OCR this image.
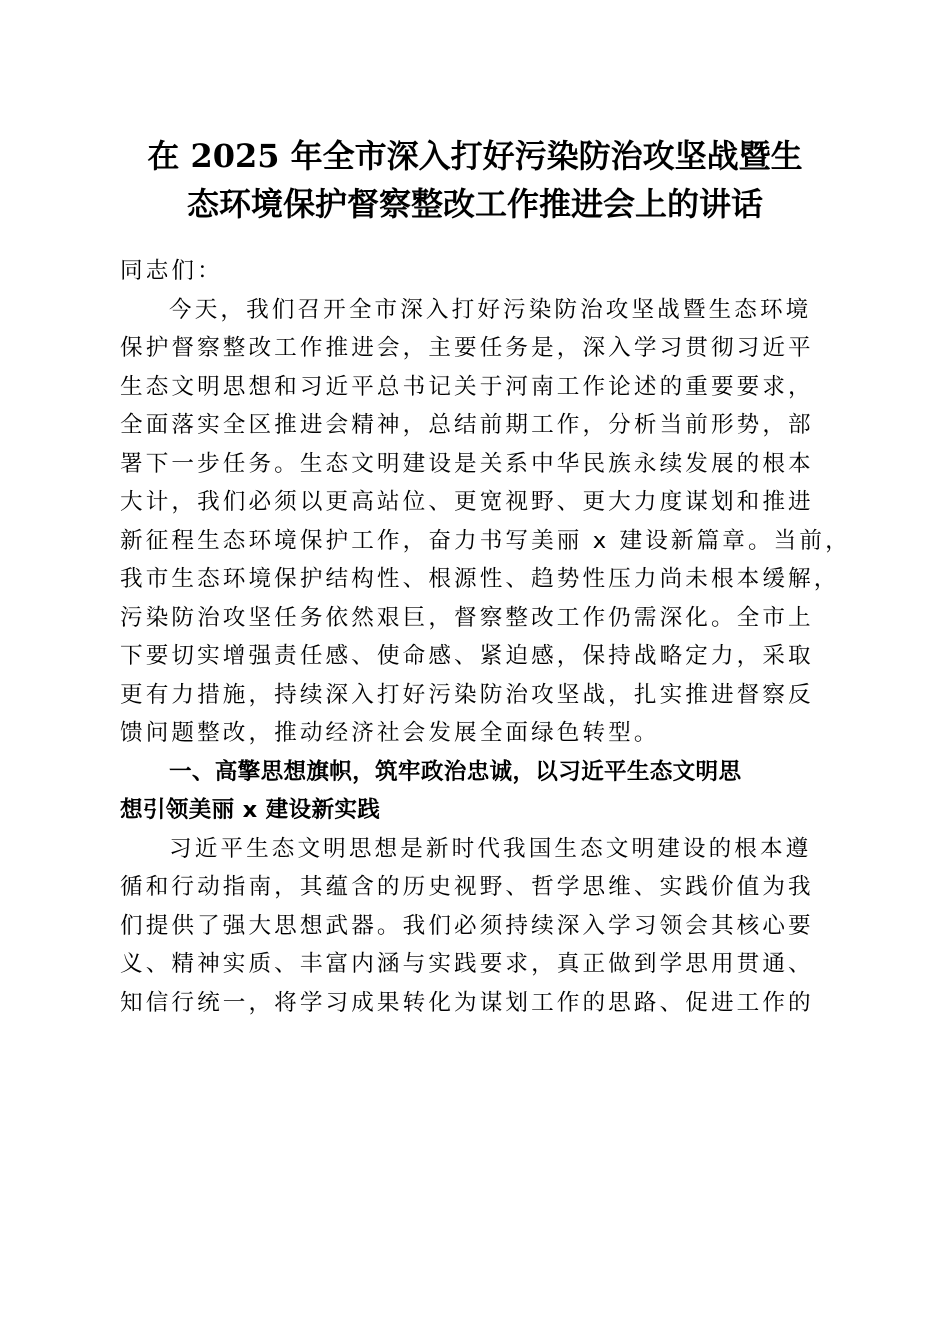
在 2025 年全市深入打好污染防治攻坚战暨生
态环境保护督察整改工作推进会上的讲话
同志们：
今天，我们召开全市深入打好污染防治攻坚战暨生态环境
保护督察整改工作推进会，主要任务是，深入学习贯彻习近平
生态文明思想和习近平总书记关于河南工作论述的重要要求，
全面落实全区推进会精神，总结前期工作，分析当前形势，部
署下一步任务。生态文明建设是关系中华民族永续发展的根本
大计，我们必须以更高站位、更宽视野、更大力度谋划和推进
新征程生态环境保护工作，奋力书写美丽 x 建设新篇章。当前，
我市生态环境保护结构性、根源性、趋势性压力尚未根本缓解，
污染防治攻坚任务依然艰巨，督察整改工作仍需深化。全市上
下要切实增强责任感、使命感、紧迫感，保持战略定力，采取
更有力措施，持续深入打好污染防治攻坚战，扎实推进督察反
馈问题整改，推动经济社会发展全面绿色转型。
一、高擎思想旗帜，筑牢政治忠诚，以习近平生态文明思
想引领美丽 x 建设新实践
习近平生态文明思想是新时代我国生态文明建设的根本遵
循和行动指南，其蕴含的历史视野、哲学思维、实践价值为我
们提供了强大思想武器。我们必须持续深入学习领会其核心要
义、精神实质、丰富内涵与实践要求，真正做到学思用贯通、
知信行统一，将学习成果转化为谋划工作的思路、促进工作的
